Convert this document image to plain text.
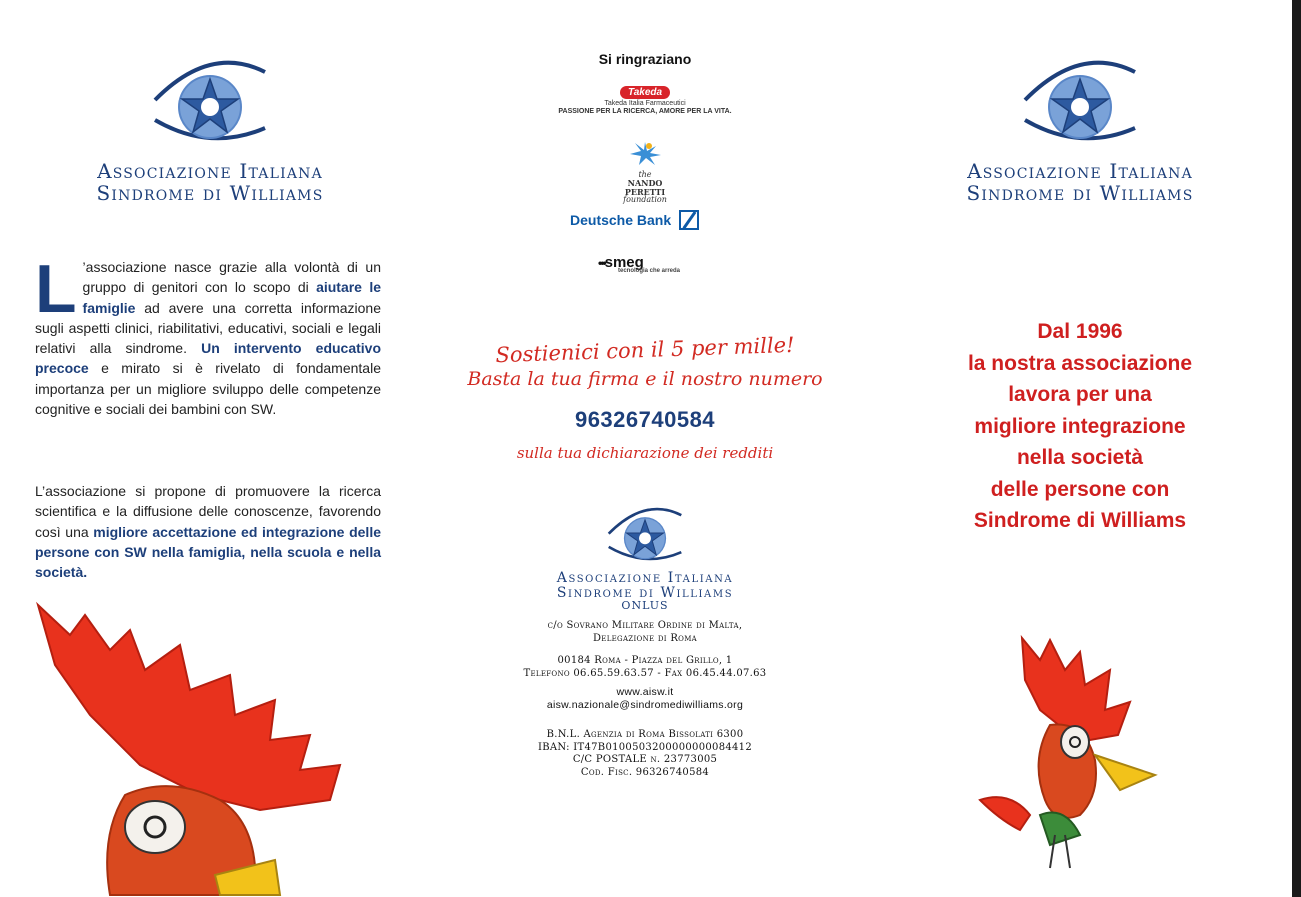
Associazione Italiana
Sindrome di Williams
L ’associazione nasce grazie alla volontà di un gruppo di genitori con lo scopo di aiutare le famiglie ad avere una corretta informazione sugli aspetti clinici, riabilitativi, educativi, sociali e legali relativi alla sindrome. Un intervento educativo precoce e mirato si è rivelato di fondamentale importanza per un migliore sviluppo delle competenze cognitive e sociali dei bambini con SW.
L’associazione si propone di promuovere la ricerca scientifica e la diffusione delle conoscenze, favorendo così una migliore accettazione ed integrazione delle persone con SW nella famiglia, nella scuola e nella società.
Si ringraziano
Takeda
Takeda Italia Farmaceutici
PASSIONE PER LA RICERCA, AMORE PER LA VITA.
the
NANDO
PERETTI
foundation
Deutsche Bank
•••smeg
tecnologia che arreda
Sostienici con il 5 per mille!
Basta la tua firma e il nostro numero
96326740584
sulla tua dichiarazione dei redditi
Associazione Italiana
Sindrome di Williams
ONLUS
c/o Sovrano Militare Ordine di Malta,
Delegazione di Roma
00184 Roma - Piazza del Grillo, 1
Telefono 06.65.59.63.57 - Fax 06.45.44.07.63
www.aisw.it
aisw.nazionale@sindromediwilliams.org
B.N.L. Agenzia di Roma Bissolati 6300
IBAN: IT47B0100503200000000084412
C/C POSTALE n. 23773005
Cod. Fisc. 96326740584
Associazione Italiana
Sindrome di Williams
Dal 1996
la nostra associazione
lavora per una
migliore integrazione
nella società
delle persone con
Sindrome di Williams
